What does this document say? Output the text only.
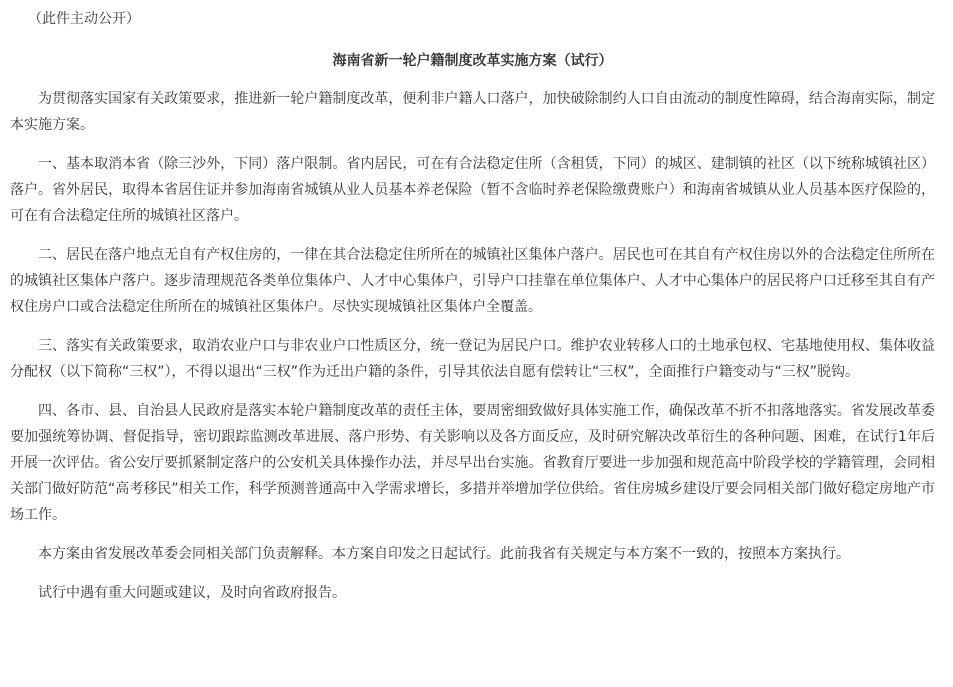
（此件主动公开）
海南省新一轮户籍制度改革实施方案（试行）
为贯彻落实国家有关政策要求，推进新一轮户籍制度改革，便利非户籍人口落户，加快破除制约人口自由流动的制度性障碍，结合海南实际，制定本实施方案。
一、基本取消本省（除三沙外，下同）落户限制。省内居民，可在有合法稳定住所（含租赁，下同）的城区、建制镇的社区（以下统称城镇社区）落户。省外居民，取得本省居住证并参加海南省城镇从业人员基本养老保险（暂不含临时养老保险缴费账户）和海南省城镇从业人员基本医疗保险的，可在有合法稳定住所的城镇社区落户。
二、居民在落户地点无自有产权住房的，一律在其合法稳定住所所在的城镇社区集体户落户。居民也可在其自有产权住房以外的合法稳定住所所在的城镇社区集体户落户。逐步清理规范各类单位集体户、人才中心集体户，引导户口挂靠在单位集体户、人才中心集体户的居民将户口迁移至其自有产权住房户口或合法稳定住所所在的城镇社区集体户。尽快实现城镇社区集体户全覆盖。
三、落实有关政策要求，取消农业户口与非农业户口性质区分，统一登记为居民户口。维护农业转移人口的土地承包权、宅基地使用权、集体收益分配权（以下简称“三权”），不得以退出“三权”作为迁出户籍的条件，引导其依法自愿有偿转让“三权”，全面推行户籍变动与“三权”脱钩。
四、各市、县、自治县人民政府是落实本轮户籍制度改革的责任主体，要周密细致做好具体实施工作，确保改革不折不扣落地落实。省发展改革委要加强统筹协调、督促指导，密切跟踪监测改革进展、落户形势、有关影响以及各方面反应，及时研究解决改革衍生的各种问题、困难，在试行1年后开展一次评估。省公安厅要抓紧制定落户的公安机关具体操作办法，并尽早出台实施。省教育厅要进一步加强和规范高中阶段学校的学籍管理，会同相关部门做好防范“高考移民”相关工作，科学预测普通高中入学需求增长，多措并举增加学位供给。省住房城乡建设厅要会同相关部门做好稳定房地产市场工作。
本方案由省发展改革委会同相关部门负责解释。本方案自印发之日起试行。此前我省有关规定与本方案不一致的，按照本方案执行。
试行中遇有重大问题或建议，及时向省政府报告。
